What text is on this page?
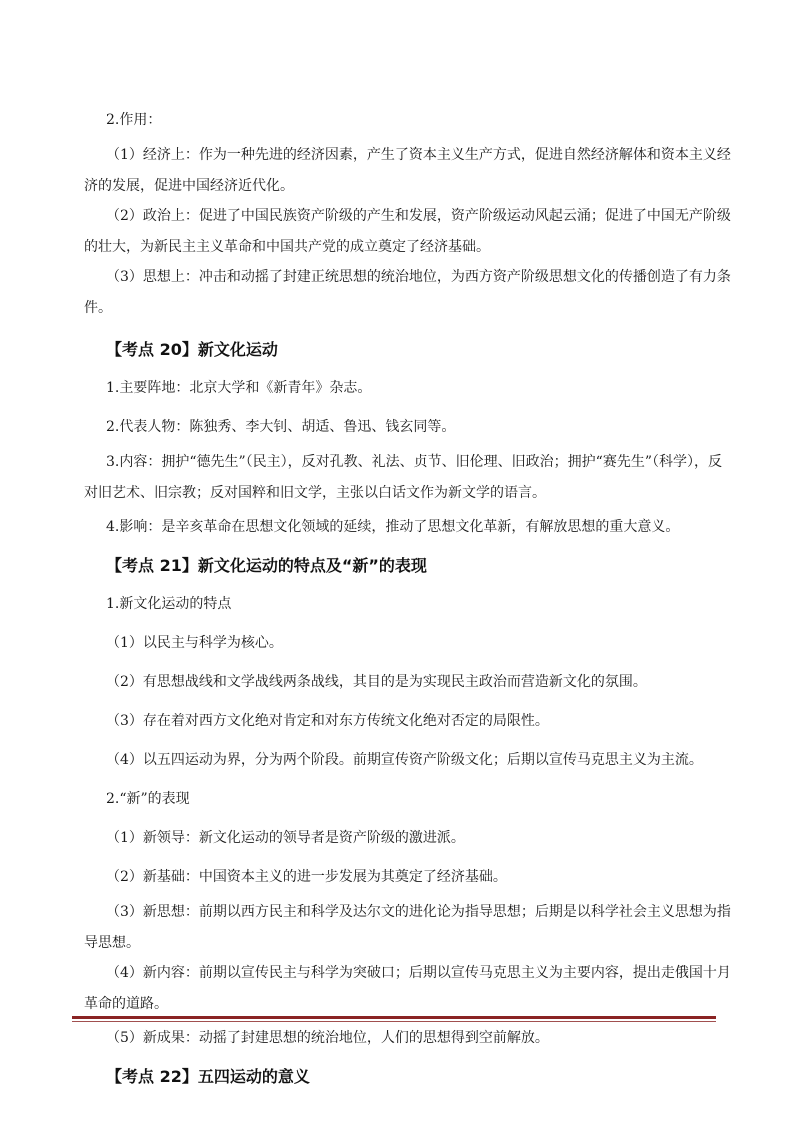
2.作用：

（1）经济上：作为一种先进的经济因素，产生了资本主义生产方式，促进自然经济解体和资本主义经
济的发展，促进中国经济近代化。

（2）政治上：促进了中国民族资产阶级的产生和发展，资产阶级运动风起云涌；促进了中国无产阶级
的壮大，为新民主主义革命和中国共产党的成立奠定了经济基础。

（3）思想上：冲击和动摇了封建正统思想的统治地位，为西方资产阶级思想文化的传播创造了有力条
件。

【考点 20】新文化运动

1.主要阵地：北京大学和《新青年》杂志。

2.代表人物：陈独秀、李大钊、胡适、鲁迅、钱玄同等。

3.内容：拥护“德先生”（民主），反对孔教、礼法、贞节、旧伦理、旧政治；拥护“赛先生”（科学），反
对旧艺术、旧宗教；反对国粹和旧文学，主张以白话文作为新文学的语言。

4.影响：是辛亥革命在思想文化领域的延续，推动了思想文化革新，有解放思想的重大意义。

【考点 21】新文化运动的特点及“新”的表现

1.新文化运动的特点

（1）以民主与科学为核心。

（2）有思想战线和文学战线两条战线，其目的是为实现民主政治而营造新文化的氛围。

（3）存在着对西方文化绝对肯定和对东方传统文化绝对否定的局限性。

（4）以五四运动为界，分为两个阶段。前期宣传资产阶级文化；后期以宣传马克思主义为主流。

2.“新”的表现

（1）新领导：新文化运动的领导者是资产阶级的激进派。

（2）新基础：中国资本主义的进一步发展为其奠定了经济基础。

（3）新思想：前期以西方民主和科学及达尔文的进化论为指导思想；后期是以科学社会主义思想为指
导思想。

（4）新内容：前期以宣传民主与科学为突破口；后期以宣传马克思主义为主要内容，提出走俄国十月
革命的道路。

（5）新成果：动摇了封建思想的统治地位，人们的思想得到空前解放。

【考点 22】五四运动的意义
